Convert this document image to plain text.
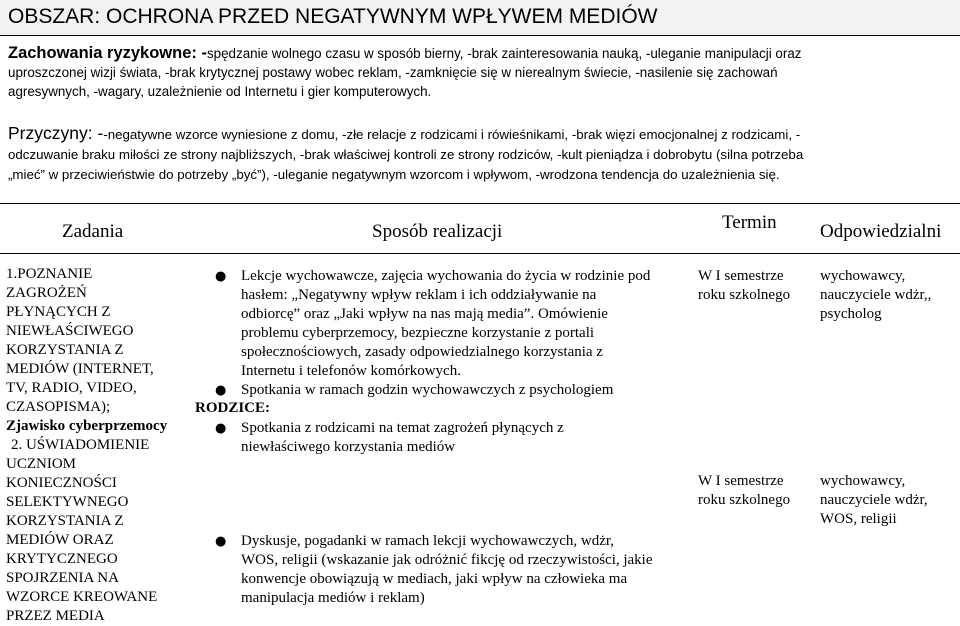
OBSZAR: OCHRONA PRZED NEGATYWNYM WPŁYWEM MEDIÓW
Zachowania ryzykowne: -spędzanie wolnego czasu w sposób bierny, -brak zainteresowania nauką, -uleganie manipulacji oraz
uproszczonej wizji świata, -brak krytycznej postawy wobec reklam, -zamknięcie się w nierealnym świecie, -nasilenie się zachowań
agresywnych, -wagary, uzależnienie od Internetu i gier komputerowych.
Przyczyny: --negatywne wzorce wyniesione z domu, -złe relacje z rodzicami i rówieśnikami, -brak więzi emocjonalnej z rodzicami, -
odczuwanie braku miłości ze strony najbliższych, -brak właściwej kontroli ze strony rodziców, -kult pieniądza i dobrobytu (silna potrzeba
„mieć” w przeciwieństwie do potrzeby „być”), -uleganie negatywnym wzorcom i wpływom, -wrodzona tendencja do uzależnienia się.
Zadania	Sposób realizacji	Termin Odpowiedzialni
1.POZNANIE
ZAGROŻEŃ
PŁYNĄCYCH Z
NIEWŁAŚCIWEGO
KORZYSTANIA Z
MEDIÓW (INTERNET,
TV, RADIO, VIDEO,
CZASOPISMA);
Zjawisko cyberprzemocy
2. UŚWIADOMIENIE
UCZNIOM
KONIECZNOŚCI
SELEKTYWNEGO
KORZYSTANIA Z
MEDIÓW ORAZ
KRYTYCZNEGO
SPOJRZENIA NA
WZORCE KREOWANE
PRZEZ MEDIA
● Lekcje wychowawcze, zajęcia wychowania do życia w rodzinie pod
hasłem: „Negatywny wpływ reklam i ich oddziaływanie na
odbiorcę” oraz „Jaki wpływ na nas mają media”. Omówienie
problemu cyberprzemocy, bezpieczne korzystanie z portali
społecznościowych, zasady odpowiedzialnego korzystania z
Internetu i telefonów komórkowych.
● Spotkania w ramach godzin wychowawczych z psychologiem
RODZICE:
● Spotkania z rodzicami na temat zagrożeń płynących z
niewłaściwego korzystania mediów
● Dyskusje, pogadanki w ramach lekcji wychowawczych, wdżr,
WOS, religii (wskazanie jak odróżnić fikcję od rzeczywistości, jakie
konwencje obowiązują w mediach, jaki wpływ na człowieka ma
manipulacja mediów i reklam)
W I semestrze
roku szkolnego
W I semestrze
roku szkolnego
wychowawcy,
nauczyciele wdżr,,
psycholog
wychowawcy,
nauczyciele wdżr,
WOS, religii
